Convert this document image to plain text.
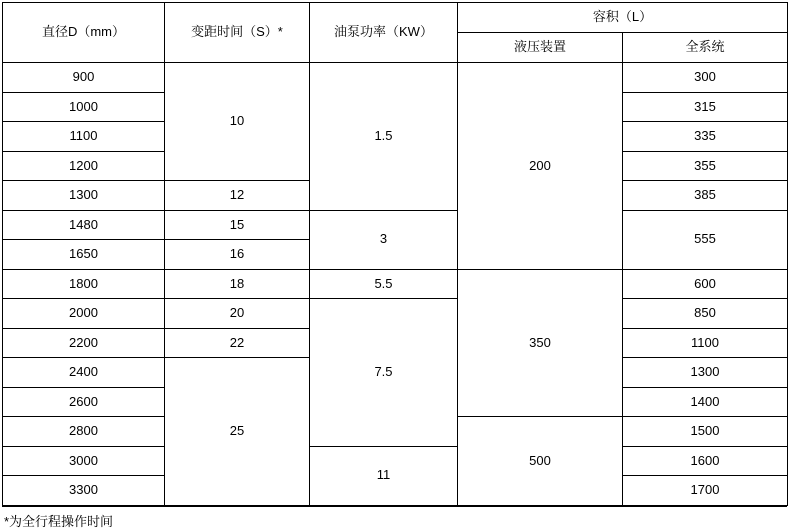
直径D（mm）	变距时间（S）*	油泵功率（KW）	容积（L）	
			液压装置	全系统
900	10	1.5	200	300
1000				315
1100				335
1200				355
1300	12			385
1480	15	3		555
1650	16			
1800	18	5.5	350	600
2000	20	7.5		850
2200	22			1100
2400	25			1300
2600				1400
2800			500	1500
3000		11		1600
3300				1700
*为全行程操作时间
